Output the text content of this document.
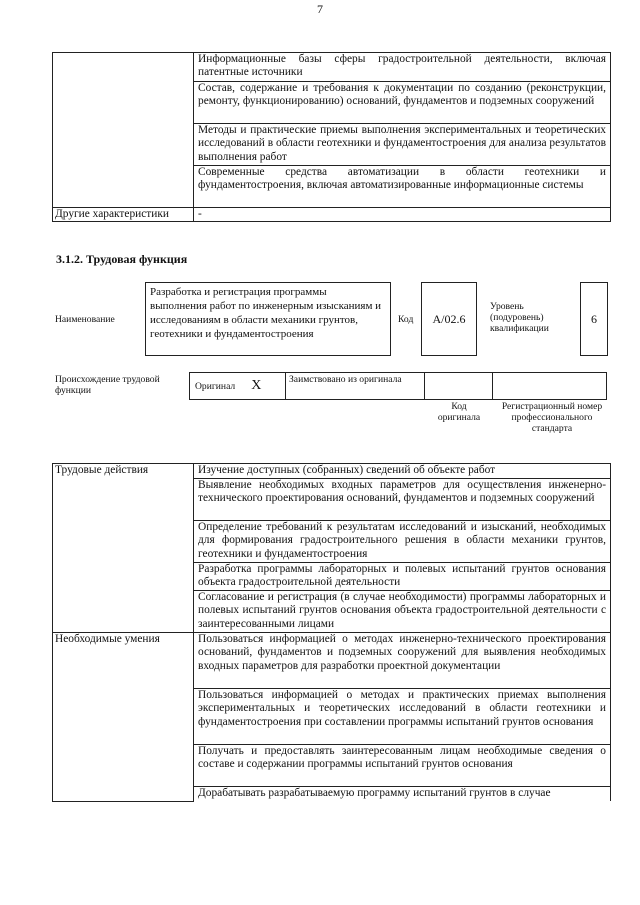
7
	Информационные базы сферы градостроительной деятельности, включая патентные источники
	Состав, содержание и требования к документации по созданию (реконструкции, ремонту, функционированию) оснований, фундаментов и подземных сооружений
	Методы и практические приемы выполнения экспериментальных и теоретических исследований в области геотехники и фундаментостроения для анализа результатов выполнения работ
	Современные средства автоматизации в области геотехники и фундаментостроения, включая автоматизированные информационные системы
Другие характеристики	-
3.1.2. Трудовая функция
Наименование
Разработка и регистрация программы выполнения работ по инженерным изысканиям и исследованиям в области механики грунтов, геотехники и фундаментостроения
Код	А/02.6
Уровень (подуровень) квалификации
6
Происхождение трудовой функции	Оригинал X	Заимствовано из оригинала
Код оригинала
Регистрационный номер профессионального стандарта
Трудовые действия	Изучение доступных (собранных) сведений об объекте работ
	Выявление необходимых входных параметров для осуществления инженерно-технического проектирования оснований, фундаментов и подземных сооружений
	Определение требований к результатам исследований и изысканий, необходимых для формирования градостроительного решения в области механики грунтов, геотехники и фундаментостроения
	Разработка программы лабораторных и полевых испытаний грунтов основания объекта градостроительной деятельности
	Согласование и регистрация (в случае необходимости) программы лабораторных и полевых испытаний грунтов основания объекта градостроительной деятельности с заинтересованными лицами
Необходимые умения	Пользоваться информацией о методах инженерно-технического проектирования оснований, фундаментов и подземных сооружений для выявления необходимых входных параметров для разработки проектной документации
	Пользоваться информацией о методах и практических приемах выполнения экспериментальных и теоретических исследований в области геотехники и фундаментостроения при составлении программы испытаний грунтов основания
	Получать и предоставлять заинтересованным лицам необходимые сведения о составе и содержании программы испытаний грунтов основания
	Дорабатывать разрабатываемую программу испытаний грунтов в случае
